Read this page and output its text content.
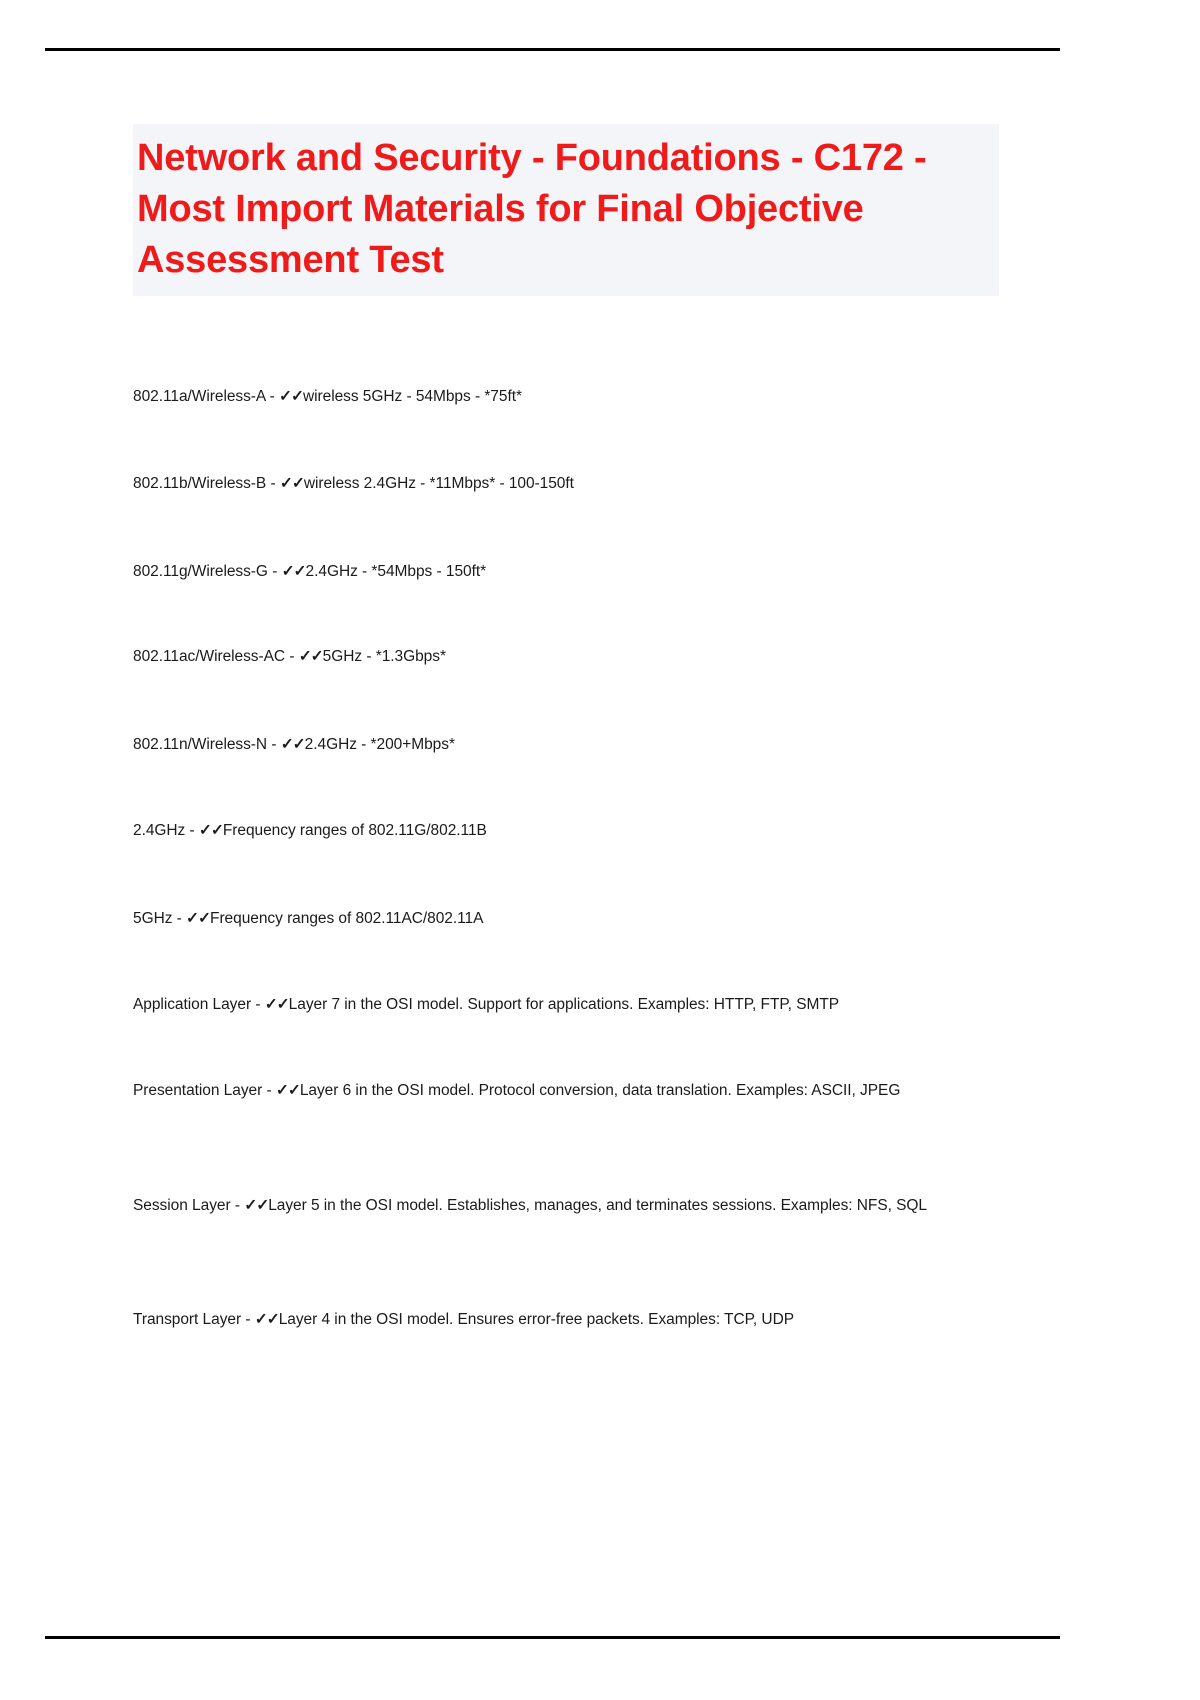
Network and Security - Foundations - C172 - Most Import Materials for Final Objective Assessment Test

802.11a/Wireless-A - ✓✓wireless 5GHz - 54Mbps - *75ft*

802.11b/Wireless-B - ✓✓wireless 2.4GHz - *11Mbps* - 100-150ft

802.11g/Wireless-G - ✓✓2.4GHz - *54Mbps - 150ft*

802.11ac/Wireless-AC - ✓✓5GHz - *1.3Gbps*

802.11n/Wireless-N - ✓✓2.4GHz - *200+Mbps*

2.4GHz - ✓✓Frequency ranges of 802.11G/802.11B

5GHz - ✓✓Frequency ranges of 802.11AC/802.11A

Application Layer - ✓✓Layer 7 in the OSI model. Support for applications. Examples: HTTP, FTP, SMTP

Presentation Layer - ✓✓Layer 6 in the OSI model. Protocol conversion, data translation. Examples: ASCII, JPEG

Session Layer - ✓✓Layer 5 in the OSI model. Establishes, manages, and terminates sessions. Examples: NFS, SQL

Transport Layer - ✓✓Layer 4 in the OSI model. Ensures error-free packets. Examples: TCP, UDP
